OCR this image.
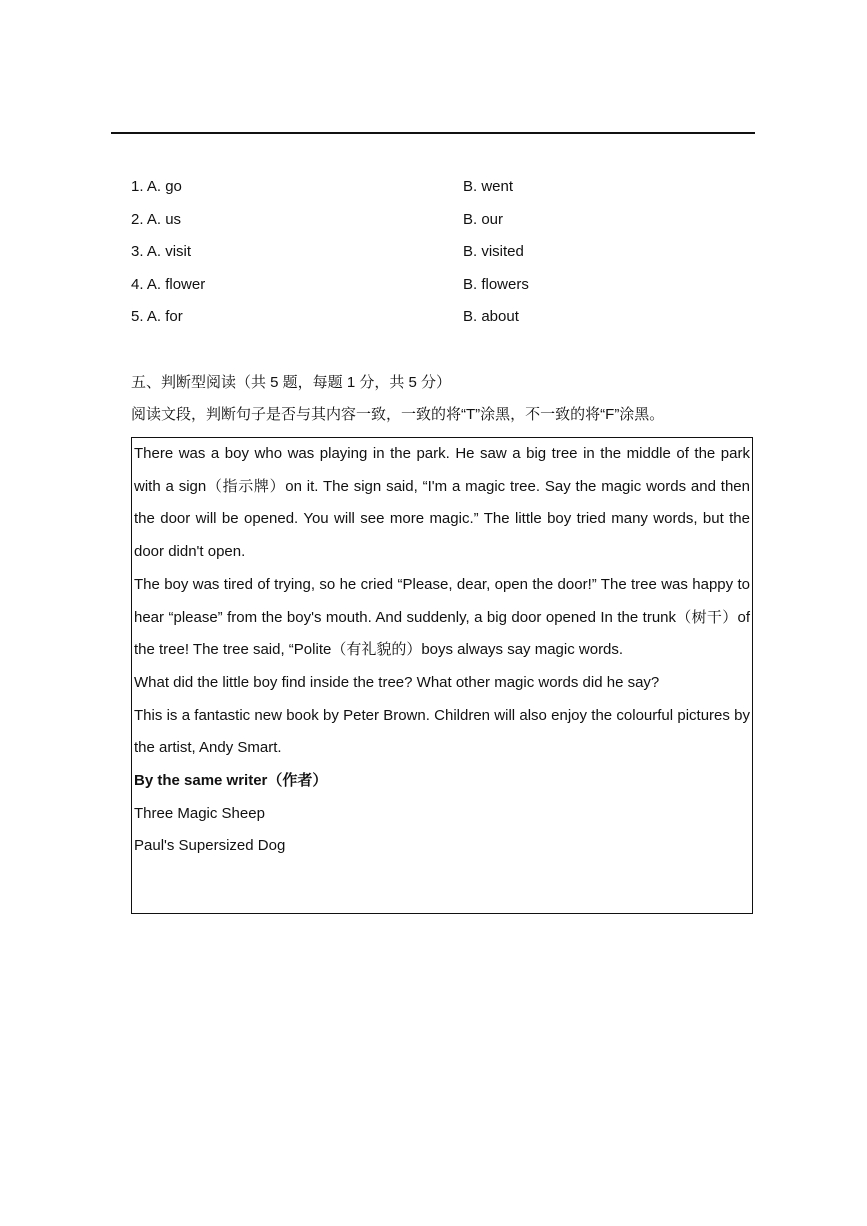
1. A. go	B. went
2. A. us	B. our
3. A. visit	B. visited
4. A. flower	B. flowers
5. A. for	B. about
五、判断型阅读（共 5 题，每题 1 分，共 5 分）
阅读文段，判断句子是否与其内容一致，一致的将“T”涂黑，不一致的将“F”涂黑。

There was a boy who was playing in the park. He saw a big tree in the middle of the park with a sign（指示牌）on it. The sign said, “I'm a magic tree. Say the magic words and then the door will be opened. You will see more magic.” The little boy tried many words, but the door didn't open.

The boy was tired of trying, so he cried “Please, dear, open the door!” The tree was happy to hear “please” from the boy's mouth. And suddenly, a big door opened In the trunk（树干）of the tree! The tree said, “Polite（有礼貌的）boys always say magic words.

What did the little boy find inside the tree? What other magic words did he say?

This is a fantastic new book by Peter Brown. Children will also enjoy the colourful pictures by the artist, Andy Smart.

By the same writer（作者）

Three Magic Sheep

Paul's Supersized Dog
